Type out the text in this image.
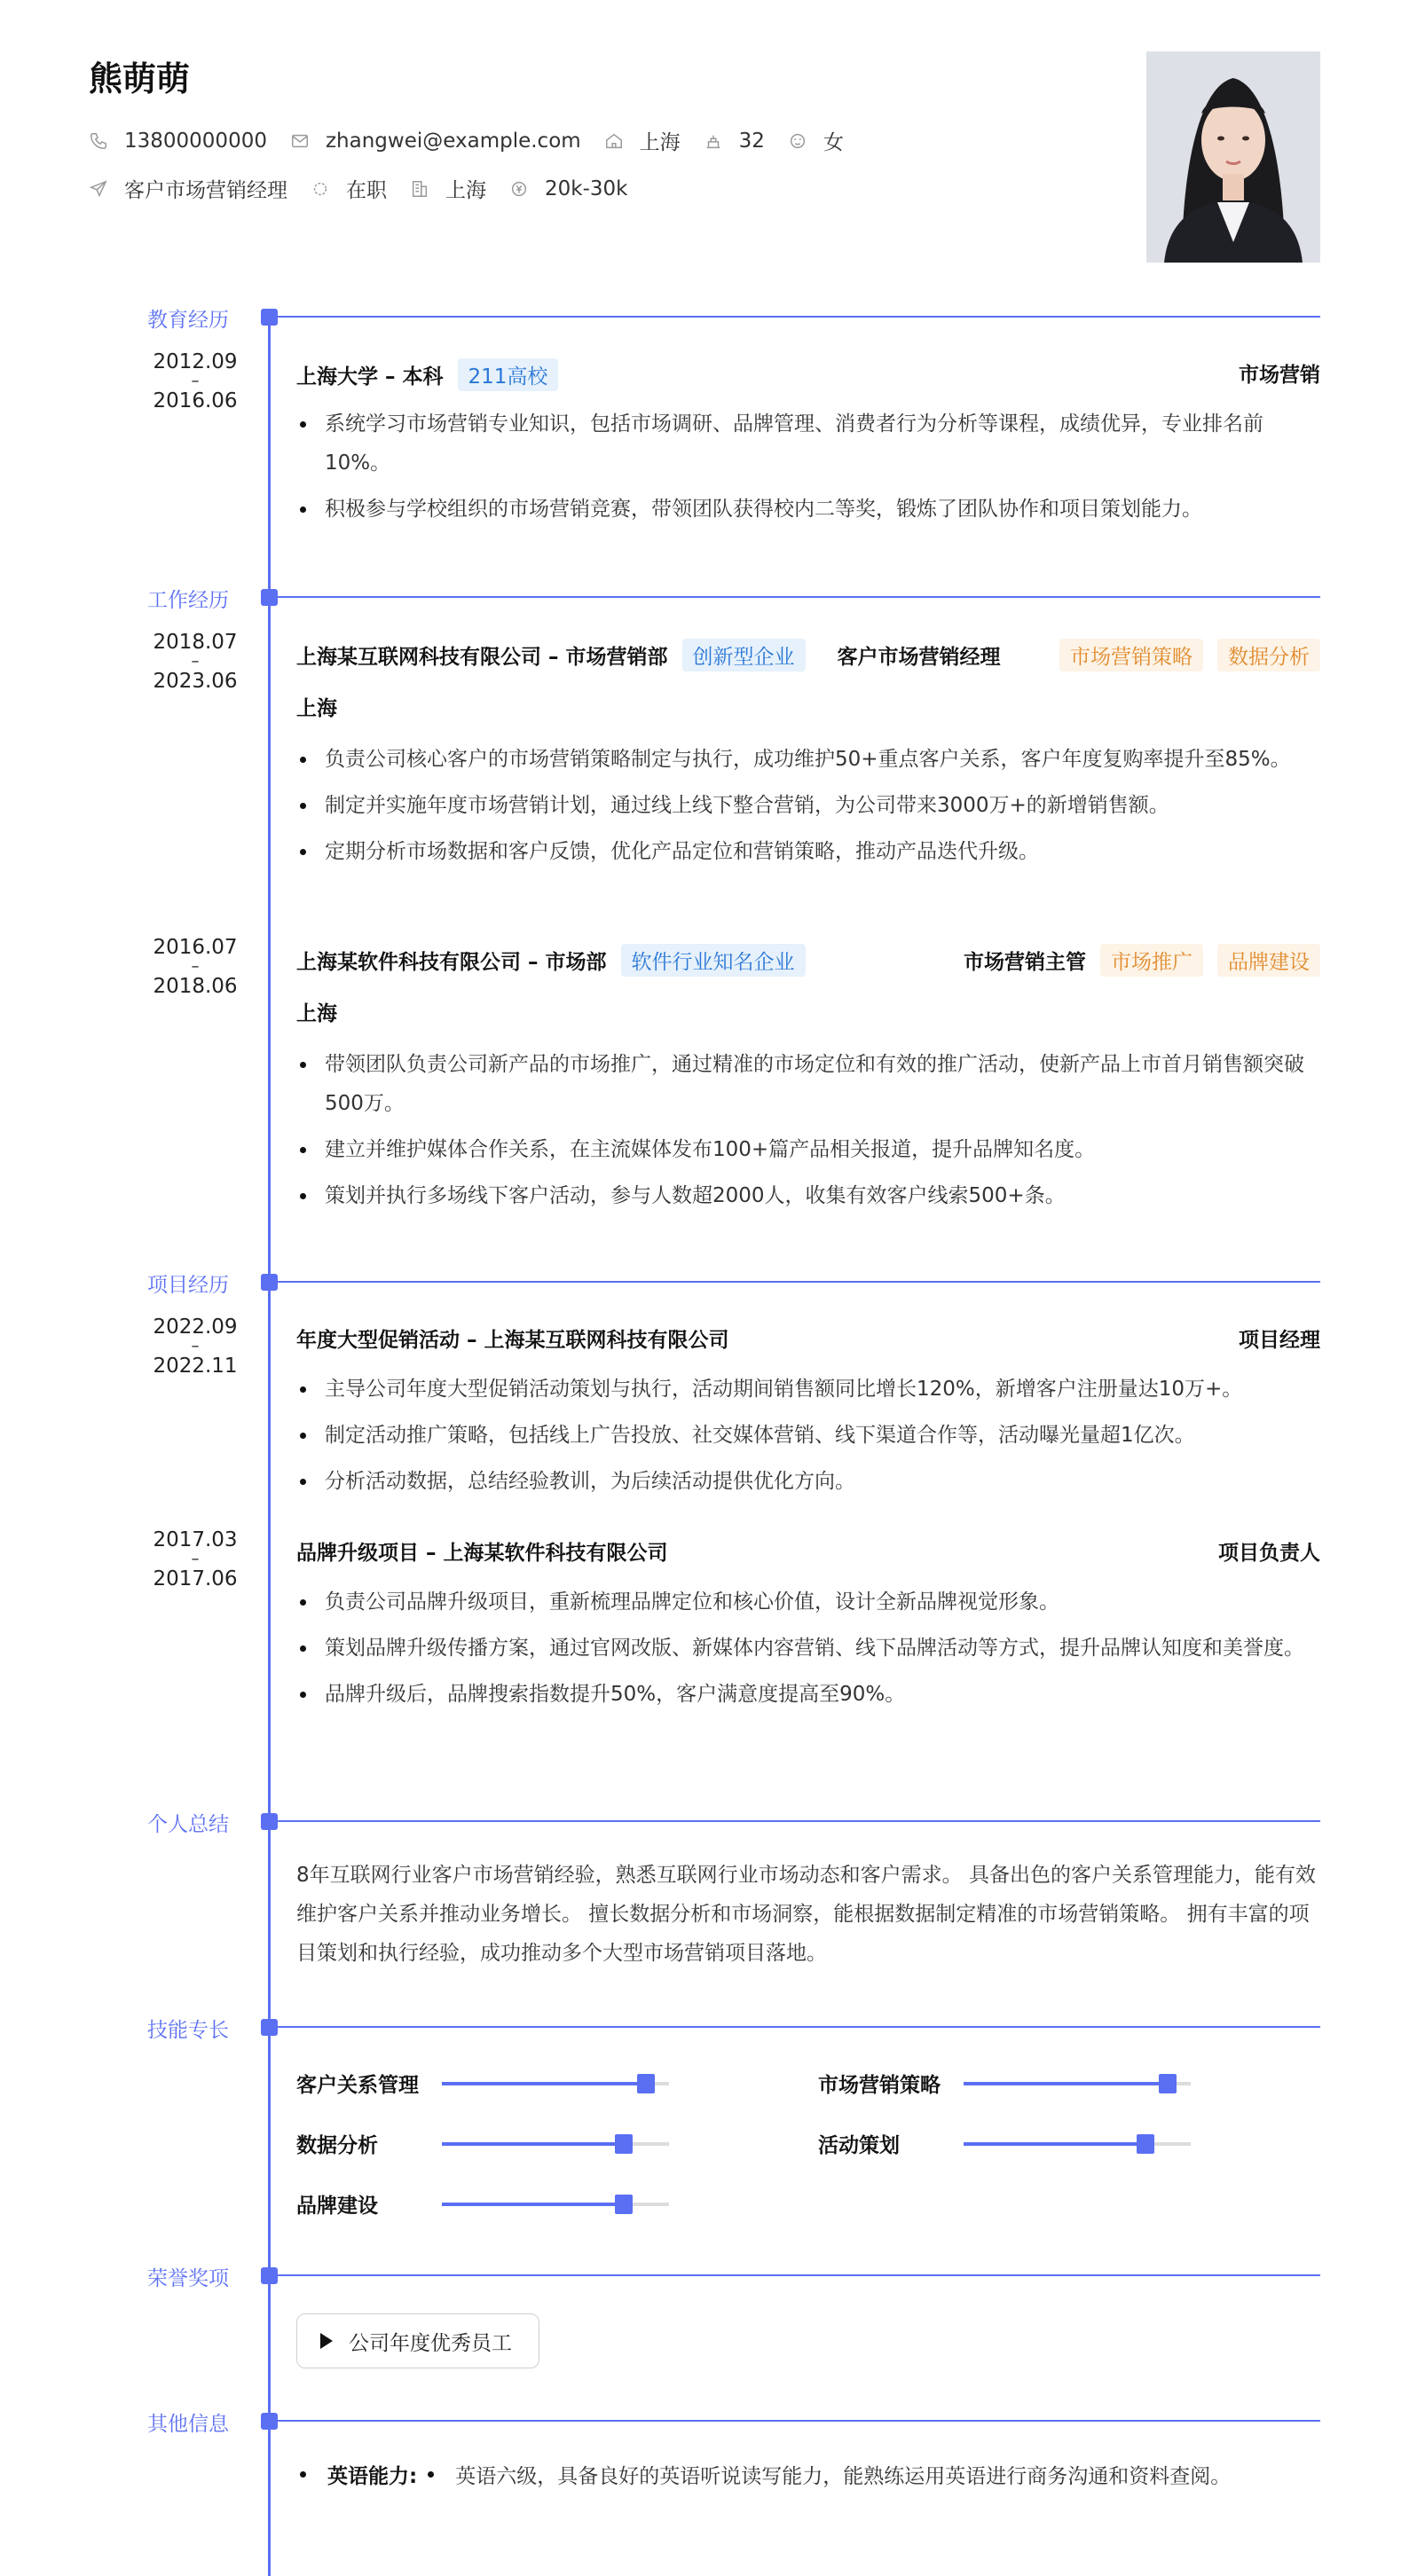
熊萌萌
13800000000	zhangwei@example.com	上海	32	女
客户市场营销经理	在职	上海	20k-30k
教育经历
2012.09
–
2016.06
上海大学 – 本科	211高校	市场营销
系统学习市场营销专业知识，包括市场调研、品牌管理、消费者行为分析等课程，成绩优异，专业排名前10%。
积极参与学校组织的市场营销竞赛，带领团队获得校内二等奖，锻炼了团队协作和项目策划能力。
工作经历
2018.07
–
2023.06
上海某互联网科技有限公司 – 市场营销部	创新型企业	客户市场营销经理	市场营销策略	数据分析
上海
负责公司核心客户的市场营销策略制定与执行，成功维护50+重点客户关系，客户年度复购率提升至85%。
制定并实施年度市场营销计划，通过线上线下整合营销，为公司带来3000万+的新增销售额。
定期分析市场数据和客户反馈，优化产品定位和营销策略，推动产品迭代升级。
2016.07
–
2018.06
上海某软件科技有限公司 – 市场部	软件行业知名企业	市场营销主管	市场推广	品牌建设
上海
带领团队负责公司新产品的市场推广，通过精准的市场定位和有效的推广活动，使新产品上市首月销售额突破500万。
建立并维护媒体合作关系，在主流媒体发布100+篇产品相关报道，提升品牌知名度。
策划并执行多场线下客户活动，参与人数超2000人，收集有效客户线索500+条。
项目经历
2022.09
–
2022.11
年度大型促销活动 – 上海某互联网科技有限公司	项目经理
主导公司年度大型促销活动策划与执行，活动期间销售额同比增长120%，新增客户注册量达10万+。
制定活动推广策略，包括线上广告投放、社交媒体营销、线下渠道合作等，活动曝光量超1亿次。
分析活动数据，总结经验教训，为后续活动提供优化方向。
2017.03
–
2017.06
品牌升级项目 – 上海某软件科技有限公司	项目负责人
负责公司品牌升级项目，重新梳理品牌定位和核心价值，设计全新品牌视觉形象。
策划品牌升级传播方案，通过官网改版、新媒体内容营销、线下品牌活动等方式，提升品牌认知度和美誉度。
品牌升级后，品牌搜索指数提升50%，客户满意度提高至90%。
个人总结
8年互联网行业客户市场营销经验，熟悉互联网行业市场动态和客户需求。 具备出色的客户关系管理能力，能有效维护客户关系并推动业务增长。 擅长数据分析和市场洞察，能根据数据制定精准的市场营销策略。 拥有丰富的项目策划和执行经验，成功推动多个大型市场营销项目落地。
技能专长
客户关系管理	市场营销策略
数据分析	活动策划
品牌建设
荣誉奖项
公司年度优秀员工
其他信息
英语能力: 英语六级，具备良好的英语听说读写能力，能熟练运用英语进行商务沟通和资料查阅。
